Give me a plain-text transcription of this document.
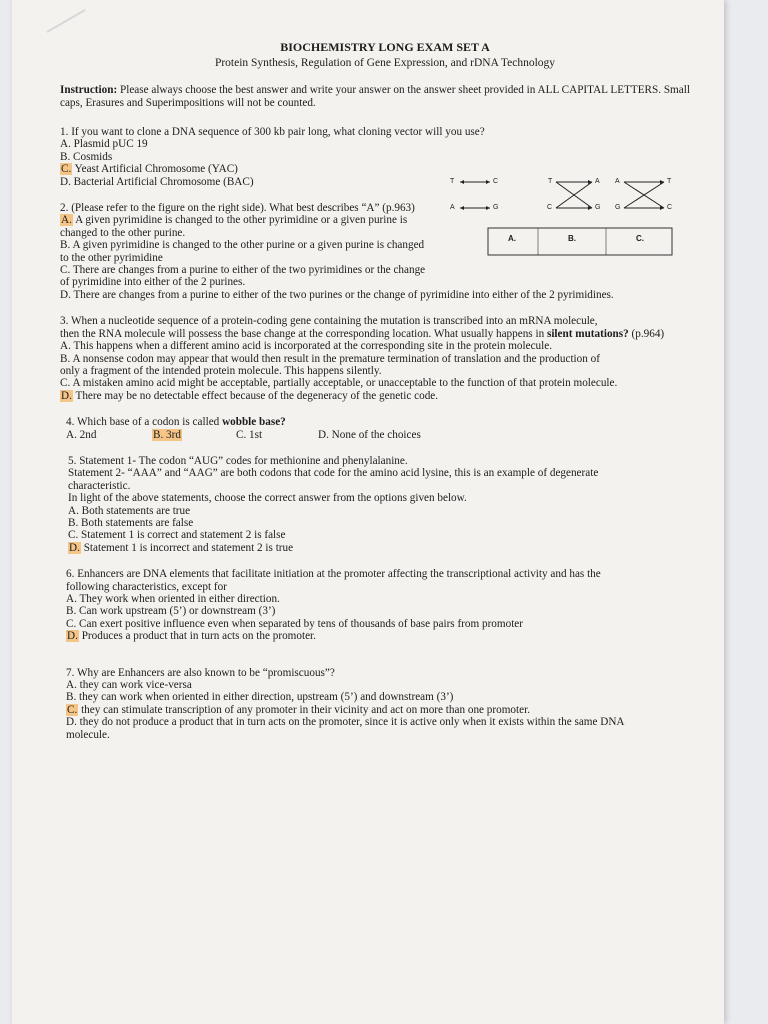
BIOCHEMISTRY LONG EXAM SET A
Protein Synthesis, Regulation of Gene Expression, and rDNA Technology
Instruction: Please always choose the best answer and write your answer on the answer sheet provided in ALL CAPITAL LETTERS. Small caps, Erasures and Superimpositions will not be counted.
1. If you want to clone a DNA sequence of 300 kb pair long, what cloning vector will you use?
A. Plasmid pUC 19
B. Cosmids
C. Yeast Artificial Chromosome (YAC)
D. Bacterial Artificial Chromosome (BAC)
2. (Please refer to the figure on the right side). What best describes “A” (p.963)
A. A given pyrimidine is changed to the other pyrimidine or a given purine is
changed to the other purine.
B. A given pyrimidine is changed to the other purine or a given purine is changed
to the other pyrimidine
C. There are changes from a purine to either of the two pyrimidines or the change
of pyrimidine into either of the 2 purines.
D. There are changes from a purine to either of the two purines or the change of pyrimidine into either of the 2 pyrimidines.
3. When a nucleotide sequence of a protein-coding gene containing the mutation is transcribed into an mRNA molecule,
then the RNA molecule will possess the base change at the corresponding location. What usually happens in silent mutations? (p.964)
A. This happens when a different amino acid is incorporated at the corresponding site in the protein molecule.
B. A nonsense codon may appear that would then result in the premature termination of translation and the production of
only a fragment of the intended protein molecule. This happens silently.
C. A mistaken amino acid might be acceptable, partially acceptable, or unacceptable to the function of that protein molecule.
D. There may be no detectable effect because of the degeneracy of the genetic code.
4. Which base of a codon is called wobble base?
A. 2nd	B. 3rd	C. 1st	D. None of the choices
5. Statement 1- The codon “AUG” codes for methionine and phenylalanine.
Statement 2- “AAA” and “AAG” are both codons that code for the amino acid lysine, this is an example of degenerate
characteristic.
In light of the above statements, choose the correct answer from the options given below.
A. Both statements are true
B. Both statements are false
C. Statement 1 is correct and statement 2 is false
D. Statement 1 is incorrect and statement 2 is true
6. Enhancers are DNA elements that facilitate initiation at the promoter affecting the transcriptional activity and has the
following characteristics, except for
A. They work when oriented in either direction.
B. Can work upstream (5’) or downstream (3’)
C. Can exert positive influence even when separated by tens of thousands of base pairs from promoter
D. Produces a product that in turn acts on the promoter.
7. Why are Enhancers are also known to be “promiscuous”?
A. they can work vice-versa
B. they can work when oriented in either direction, upstream (5’) and downstream (3’)
C. they can stimulate transcription of any promoter in their vicinity and act on more than one promoter.
D. they do not produce a product that in turn acts on the promoter, since it is active only when it exists within the same DNA
molecule.
T	C
A	G
T	A
C	G
A	T
G	C
A.	B.	C.
